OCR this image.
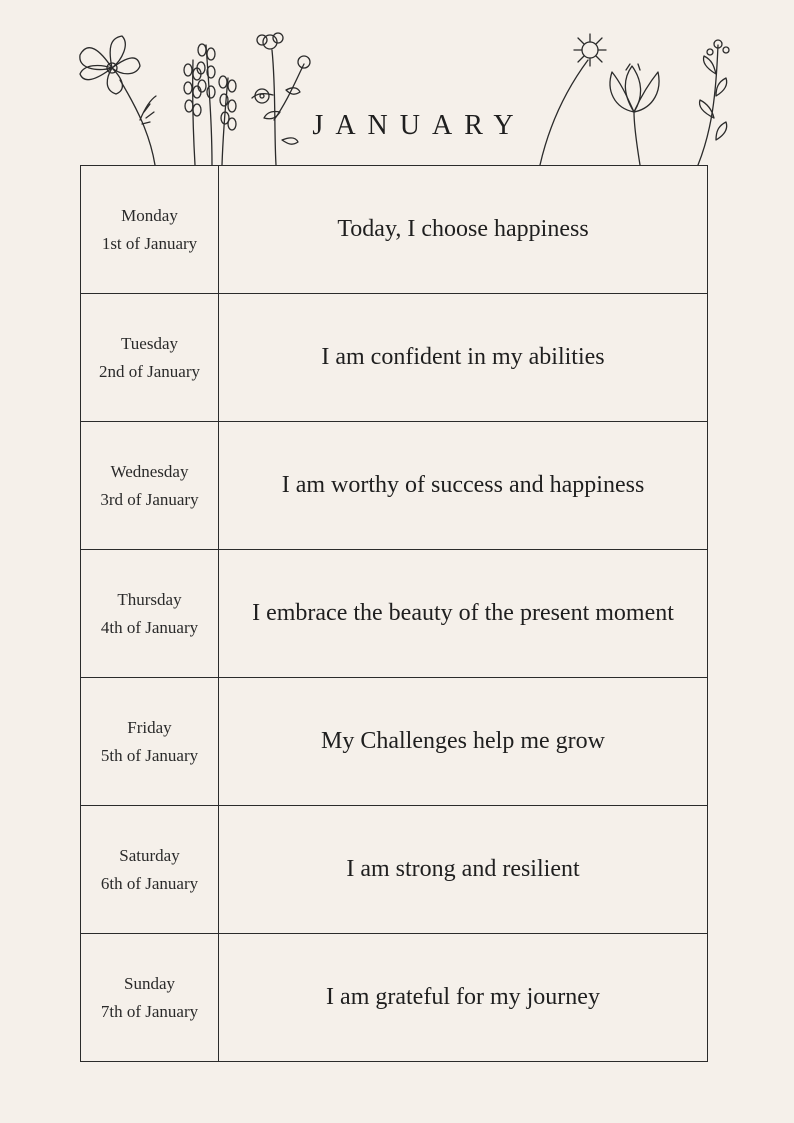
JANUARY
Monday
1st of January	Today, I choose happiness

Tuesday
2nd of January	I am confident in my abilities

Wednesday
3rd of January	I am worthy of success and happiness

Thursday
4th of January	I embrace the beauty of the present moment

Friday
5th of January	My Challenges help me grow

Saturday
6th of January	I am strong and resilient

Sunday
7th of January	I am grateful for my journey
